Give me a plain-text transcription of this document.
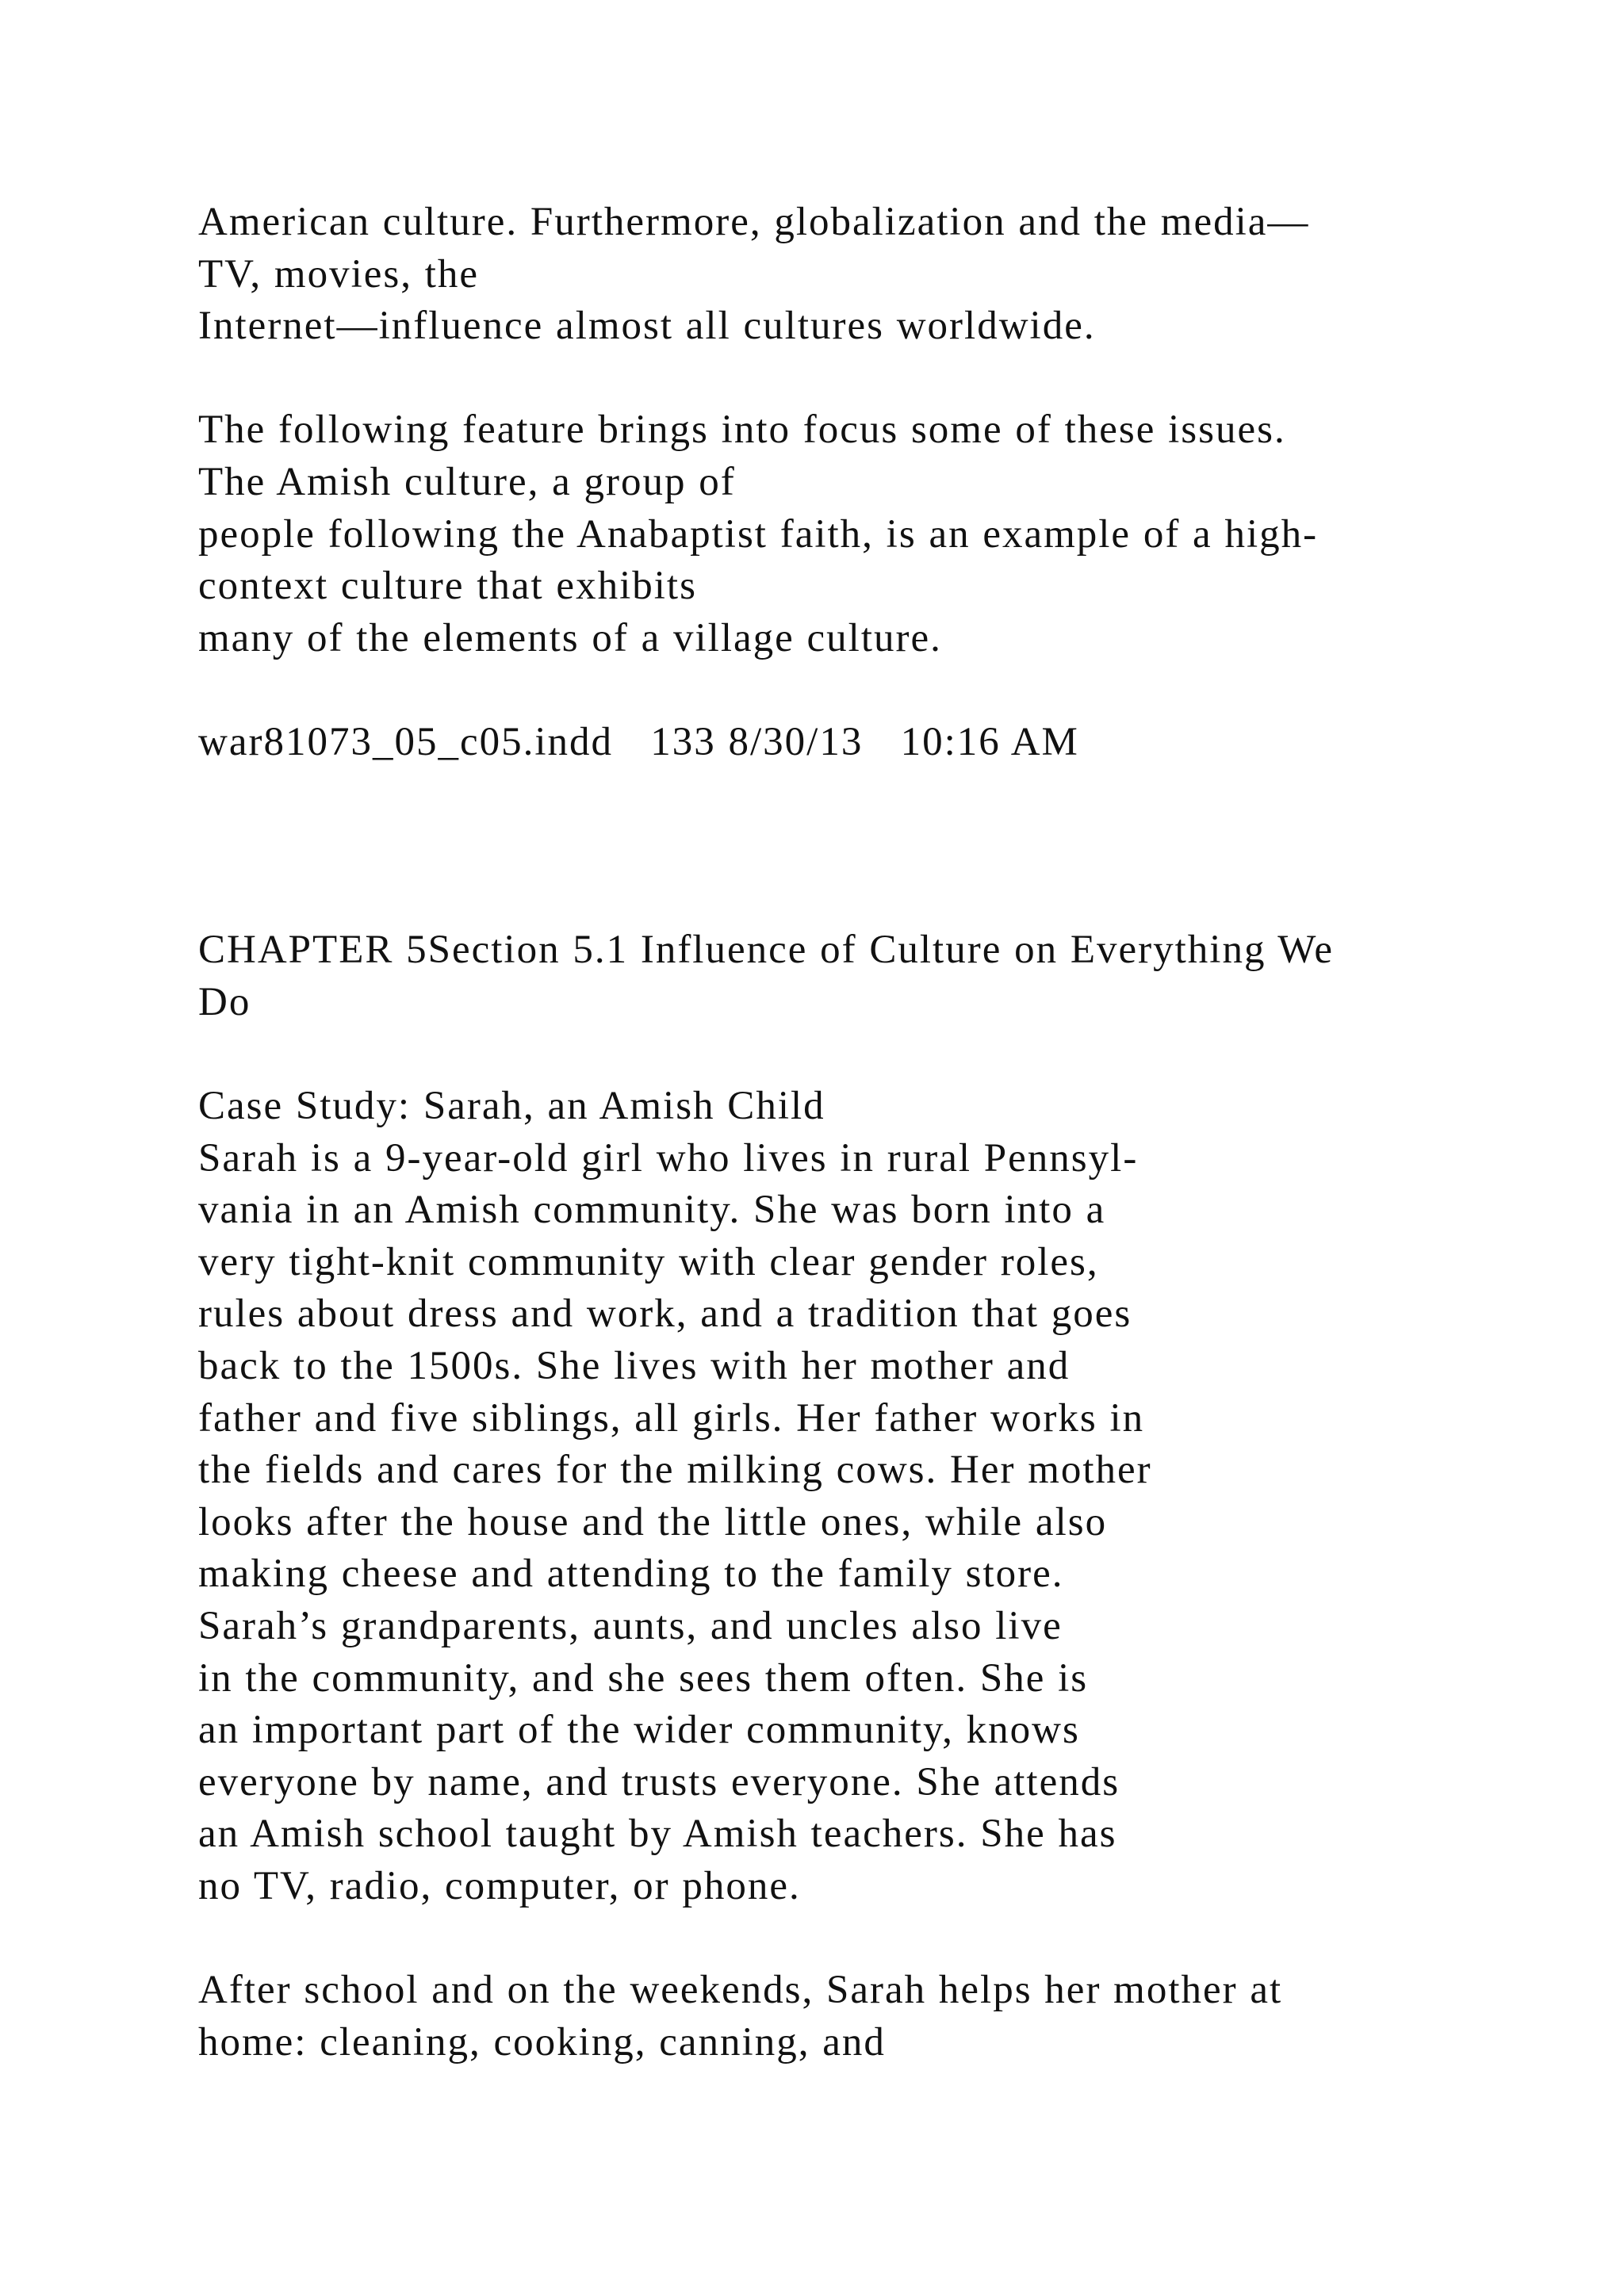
American culture. Furthermore, globalization and the media—
TV, movies, the
Internet—influence almost all cultures worldwide.
The following feature brings into focus some of these issues.
The Amish culture, a group of
people following the Anabaptist faith, is an example of a high-
context culture that exhibits
many of the elements of a village culture.
war81073_05_c05.indd   133 8/30/13   10:16 AM
CHAPTER 5Section 5.1 Influence of Culture on Everything We
Do
Case Study: Sarah, an Amish Child
Sarah is a 9-year-old girl who lives in rural Pennsyl-
vania in an Amish community. She was born into a
very tight-knit community with clear gender roles,
rules about dress and work, and a tradition that goes
back to the 1500s. She lives with her mother and
father and five siblings, all girls. Her father works in
the fields and cares for the milking cows. Her mother
looks after the house and the little ones, while also
making cheese and attending to the family store.
Sarah’s grandparents, aunts, and uncles also live
in the community, and she sees them often. She is
an important part of the wider community, knows
everyone by name, and trusts everyone. She attends
an Amish school taught by Amish teachers. She has
no TV, radio, computer, or phone.
After school and on the weekends, Sarah helps her mother at
home: cleaning, cooking, canning, and
